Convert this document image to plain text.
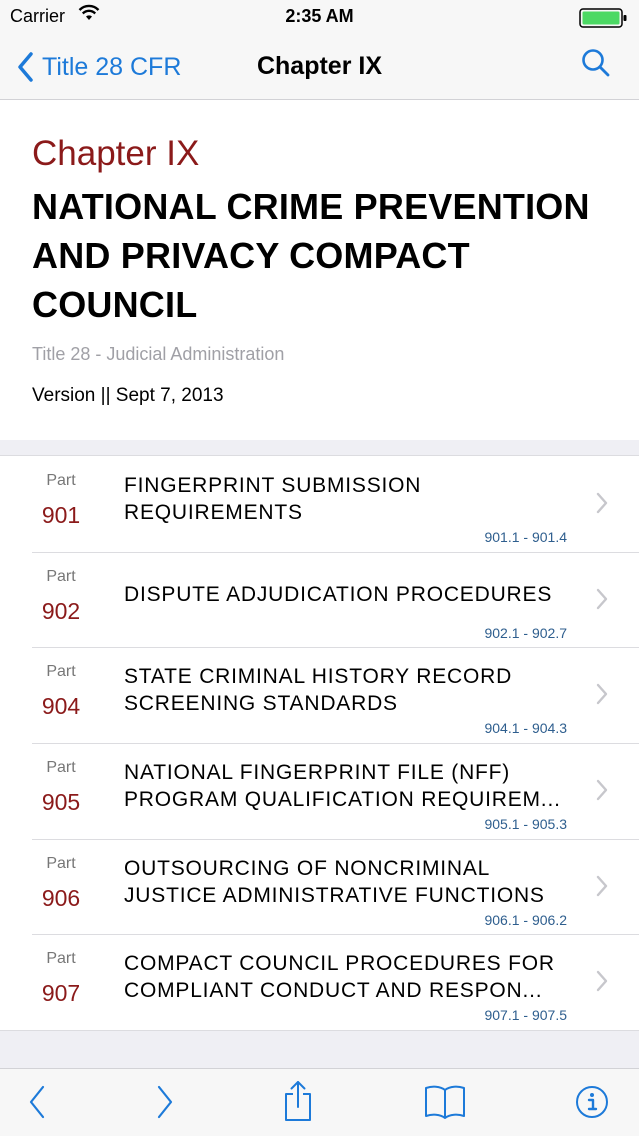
Carrier	2:35 AM
Title 28 CFR	Chapter IX
Chapter IX
NATIONAL CRIME PREVENTION AND PRIVACY COMPACT COUNCIL
Title 28 - Judicial Administration
Version || Sept 7, 2013
Part
901
FINGERPRINT SUBMISSION REQUIREMENTS
901.1 - 901.4
Part
902
DISPUTE ADJUDICATION PROCEDURES
902.1 - 902.7
Part
904
STATE CRIMINAL HISTORY RECORD SCREENING STANDARDS
904.1 - 904.3
Part
905
NATIONAL FINGERPRINT FILE (NFF) PROGRAM QUALIFICATION REQUIREM...
905.1 - 905.3
Part
906
OUTSOURCING OF NONCRIMINAL JUSTICE ADMINISTRATIVE FUNCTIONS
906.1 - 906.2
Part
907
COMPACT COUNCIL PROCEDURES FOR COMPLIANT CONDUCT AND RESPON...
907.1 - 907.5
